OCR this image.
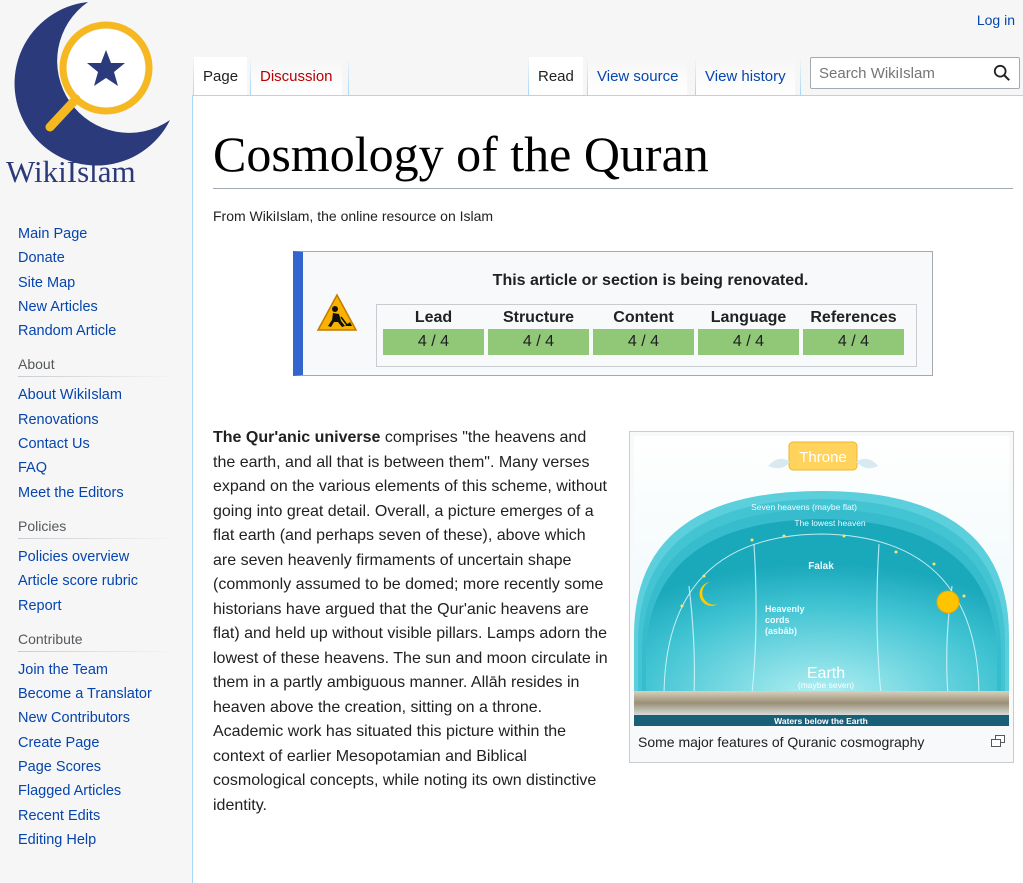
WikiIslam
Log in
Main Page
Donate
Site Map
New Articles
Random Article
About
About WikiIslam
Renovations
Contact Us
FAQ
Meet the Editors
Policies
Policies overview
Article score rubric
Report
Contribute
Join the Team
Become a Translator
New Contributors
Create Page
Page Scores
Flagged Articles
Recent Edits
Editing Help
Page	Discussion	Read	View source	View history
Search WikiIslam
Cosmology of the Quran
From WikiIslam, the online resource on Islam
This article or section is being renovated.
Lead	Structure	Content	Language	References
4 / 4	4 / 4	4 / 4	4 / 4	4 / 4

The Qur'anic universe comprises "the heavens and the earth, and all that is between them". Many verses expand on the various elements of this scheme, without going into great detail. Overall, a picture emerges of a flat earth (and perhaps seven of these), above which are seven heavenly firmaments of uncertain shape (commonly assumed to be domed; more recently some historians have argued that the Qur'anic heavens are flat) and held up without visible pillars. Lamps adorn the lowest of these heavens. The sun and moon circulate in them in a partly ambiguous manner. Allāh resides in heaven above the creation, sitting on a throne. Academic work has situated this picture within the context of earlier Mesopotamian and Biblical cosmological concepts, while noting its own distinctive identity.

Throne
Seven heavens (maybe flat)
The lowest heaven
Falak
Heavenly
cords
(asbāb)
Earth
(maybe seven)
Waters below the Earth
Some major features of Quranic cosmography
